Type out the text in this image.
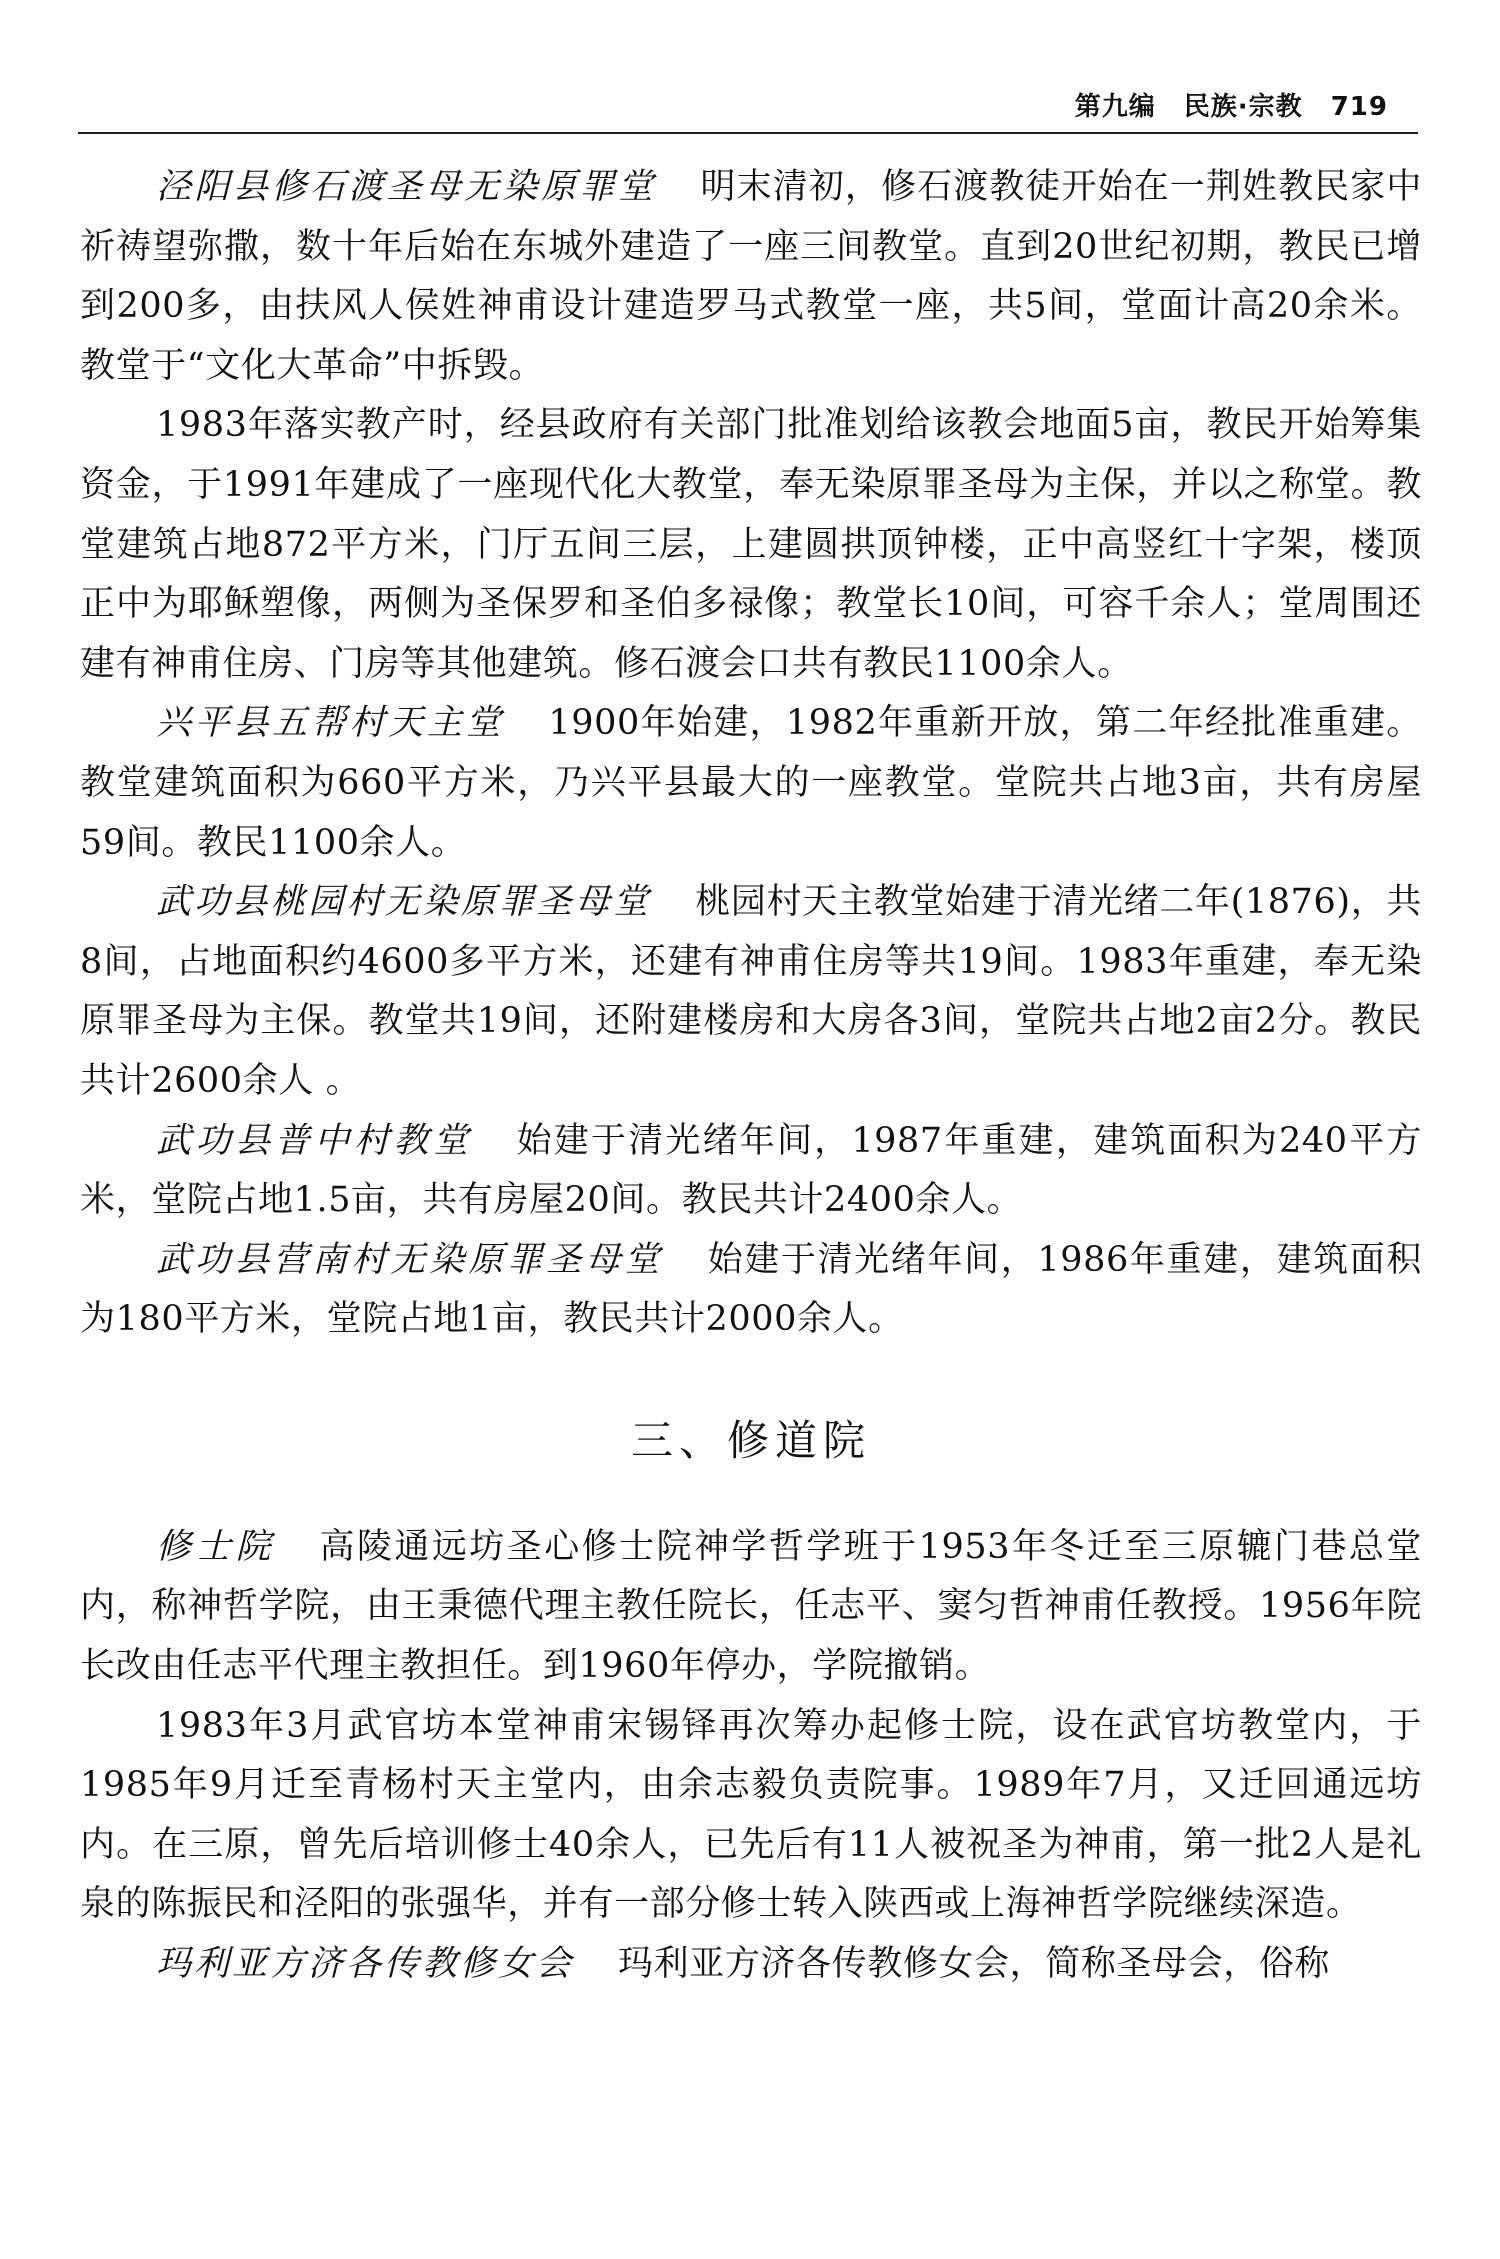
第九编 民族·宗教 719

泾阳县修石渡圣母无染原罪堂 明末清初，修石渡教徒开始在一荆姓教民家中祈祷望弥撒，数十年后始在东城外建造了一座三间教堂。直到20世纪初期，教民已增到200多，由扶风人侯姓神甫设计建造罗马式教堂一座，共5间，堂面计高20余米。教堂于“文化大革命”中拆毁。

1983年落实教产时，经县政府有关部门批准划给该教会地面5亩，教民开始筹集资金，于1991年建成了一座现代化大教堂，奉无染原罪圣母为主保，并以之称堂。教堂建筑占地872平方米，门厅五间三层，上建圆拱顶钟楼，正中高竖红十字架，楼顶正中为耶稣塑像，两侧为圣保罗和圣伯多禄像；教堂长10间，可容千余人；堂周围还建有神甫住房、门房等其他建筑。修石渡会口共有教民1100余人。

兴平县五帮村天主堂 1900年始建，1982年重新开放，第二年经批准重建。教堂建筑面积为660平方米，乃兴平县最大的一座教堂。堂院共占地3亩，共有房屋59间。教民1100余人。

武功县桃园村无染原罪圣母堂 桃园村天主教堂始建于清光绪二年(1876)，共8间，占地面积约4600多平方米，还建有神甫住房等共19间。1983年重建，奉无染原罪圣母为主保。教堂共19间，还附建楼房和大房各3间，堂院共占地2亩2分。教民共计2600余人 。

武功县普中村教堂 始建于清光绪年间，1987年重建，建筑面积为240平方米，堂院占地1.5亩，共有房屋20间。教民共计2400余人。

武功县营南村无染原罪圣母堂 始建于清光绪年间，1986年重建，建筑面积为180平方米，堂院占地1亩，教民共计2000余人。

三、修道院

修士院 高陵通远坊圣心修士院神学哲学班于1953年冬迁至三原辘门巷总堂内，称神哲学院，由王秉德代理主教任院长，任志平、窦匀哲神甫任教授。1956年院长改由任志平代理主教担任。到1960年停办，学院撤销。

1983年3月武官坊本堂神甫宋锡铎再次筹办起修士院，设在武官坊教堂内，于1985年9月迁至青杨村天主堂内，由余志毅负责院事。1989年7月，又迁回通远坊内。在三原，曾先后培训修士40余人，已先后有11人被祝圣为神甫，第一批2人是礼泉的陈振民和泾阳的张强华，并有一部分修士转入陕西或上海神哲学院继续深造。

玛利亚方济各传教修女会 玛利亚方济各传教修女会，简称圣母会，俗称
